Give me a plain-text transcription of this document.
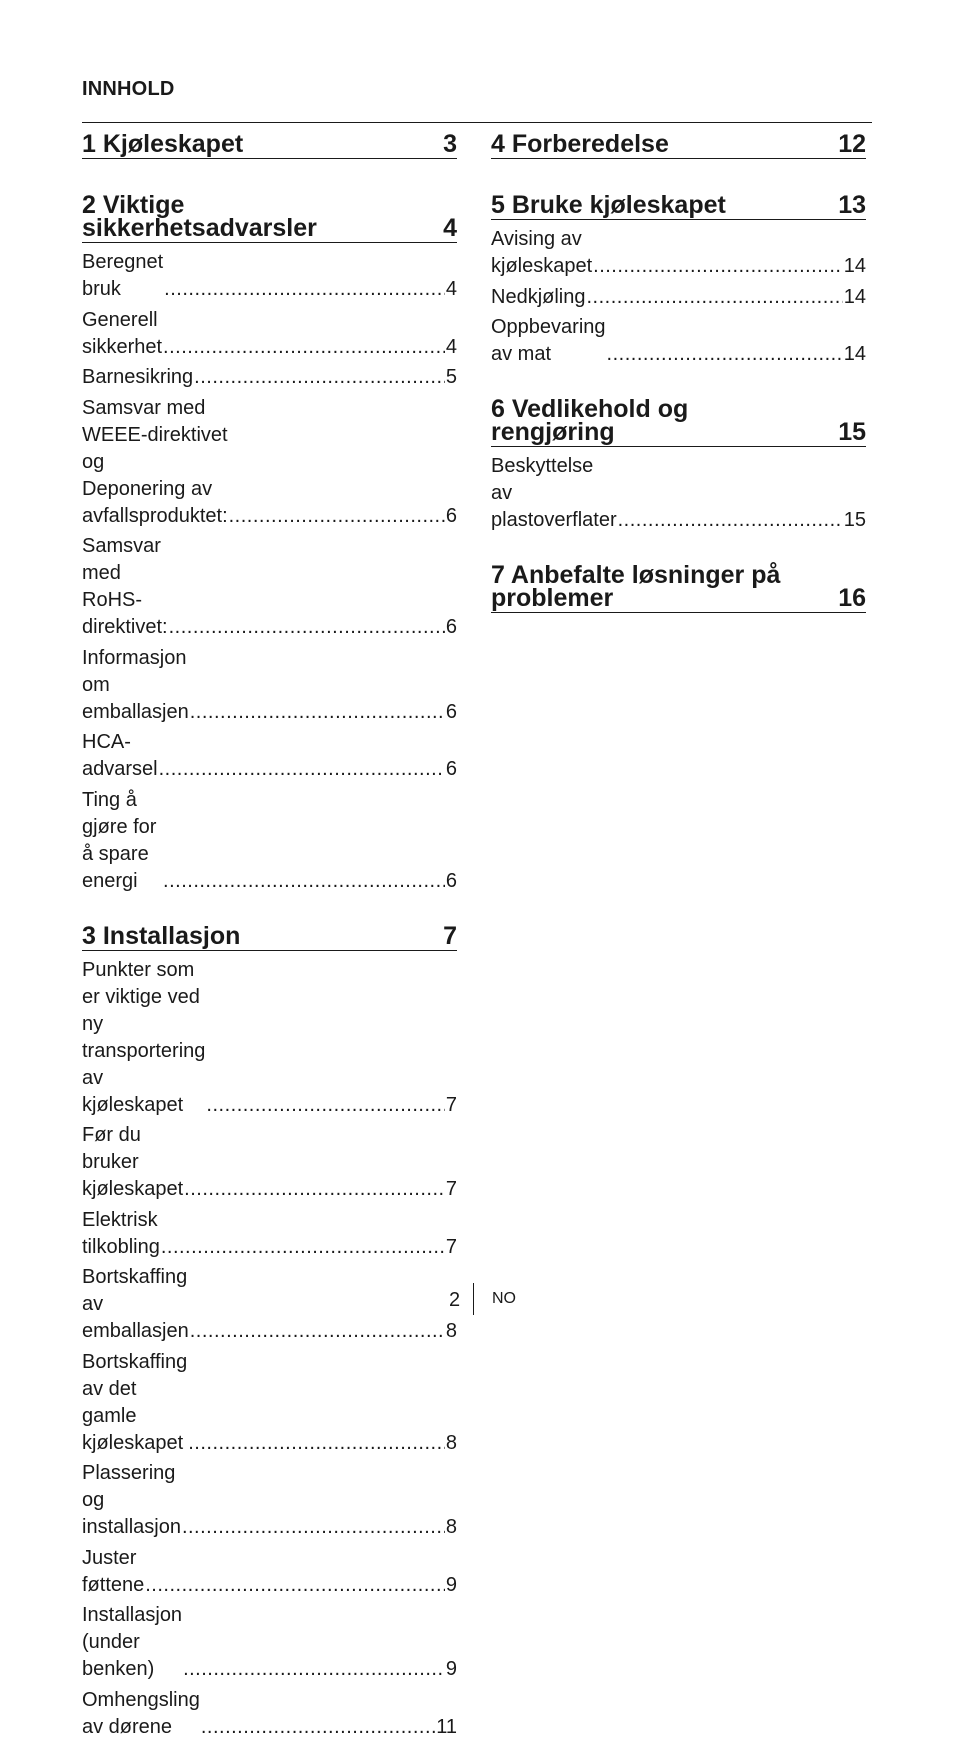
INNHOLD
1 Kjøleskapet	3
2 Viktige
sikkerhetsadvarsler	4
Beregnet bruk .....	4
Generell sikkerhet .....	4
Barnesikring .....	5
Samsvar med WEEE-direktivet og
Deponering av avfallsproduktet: .....	6
Samsvar med RoHS-direktivet: .....	6
Informasjon om emballasjen .....	6
HCA-advarsel .....	6
Ting å gjøre for å spare energi .....	6
3 Installasjon	7
Punkter som er viktige ved ny
transportering av kjøleskapet .....	7
Før du bruker kjøleskapet .....	7
Elektrisk tilkobling .....	7
Bortskaffing av emballasjen .....	8
Bortskaffing av det gamle kjøleskapet .....	8
Plassering og installasjon .....	8
Juster føttene .....	9
Installasjon (under benken) .....	9
Omhengsling av dørene .....	11
4 Forberedelse	12
5 Bruke kjøleskapet	13
Avising av kjøleskapet .....	14
Nedkjøling .....	14
Oppbevaring av mat .....	14
6 Vedlikehold og
rengjøring	15
Beskyttelse av plastoverflater .....	15
7 Anbefalte løsninger på
problemer	16
2 NO
